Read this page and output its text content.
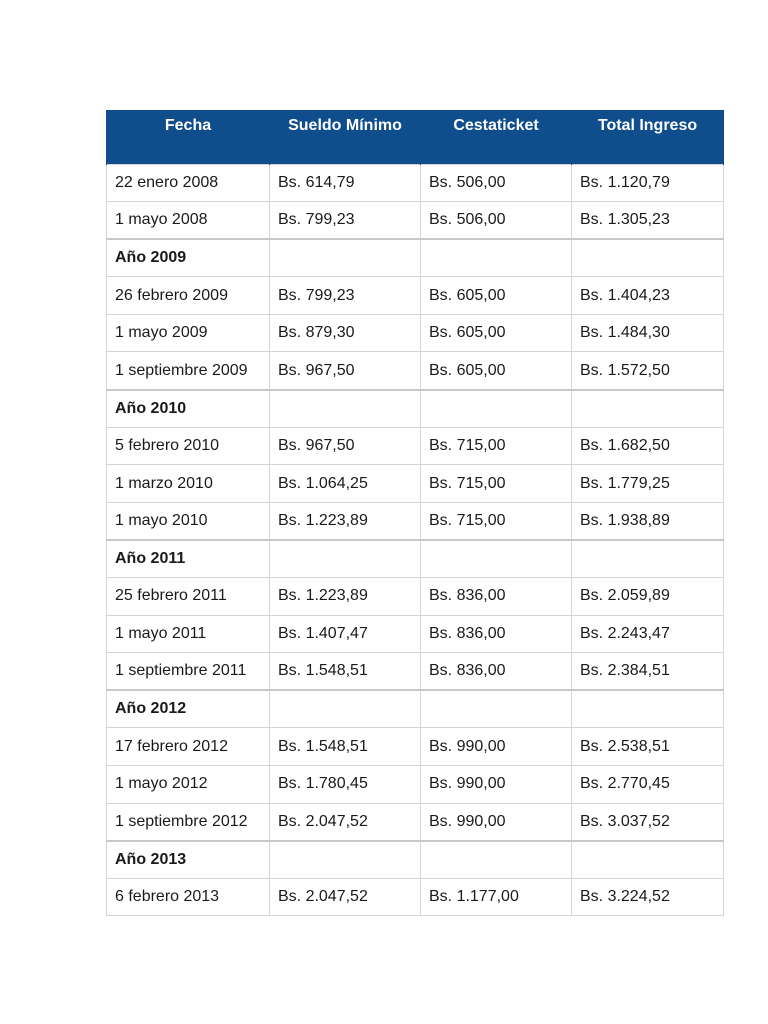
Fecha	Sueldo Mínimo	Cestaticket	Total Ingreso
22 enero 2008	Bs. 614,79	Bs. 506,00	Bs. 1.120,79
1 mayo 2008	Bs. 799,23	Bs. 506,00	Bs. 1.305,23
Año 2009			
26 febrero 2009	Bs. 799,23	Bs. 605,00	Bs. 1.404,23
1 mayo 2009	Bs. 879,30	Bs. 605,00	Bs. 1.484,30
1 septiembre 2009	Bs. 967,50	Bs. 605,00	Bs. 1.572,50
Año 2010			
5 febrero 2010	Bs. 967,50	Bs. 715,00	Bs. 1.682,50
1 marzo 2010	Bs. 1.064,25	Bs. 715,00	Bs. 1.779,25
1 mayo 2010	Bs. 1.223,89	Bs. 715,00	Bs. 1.938,89
Año 2011			
25 febrero 2011	Bs. 1.223,89	Bs. 836,00	Bs. 2.059,89
1 mayo 2011	Bs. 1.407,47	Bs. 836,00	Bs. 2.243,47
1 septiembre 2011	Bs. 1.548,51	Bs. 836,00	Bs. 2.384,51
Año 2012			
17 febrero 2012	Bs. 1.548,51	Bs. 990,00	Bs. 2.538,51
1 mayo 2012	Bs. 1.780,45	Bs. 990,00	Bs. 2.770,45
1 septiembre 2012	Bs. 2.047,52	Bs. 990,00	Bs. 3.037,52
Año 2013			
6 febrero 2013	Bs. 2.047,52	Bs. 1.177,00	Bs. 3.224,52
